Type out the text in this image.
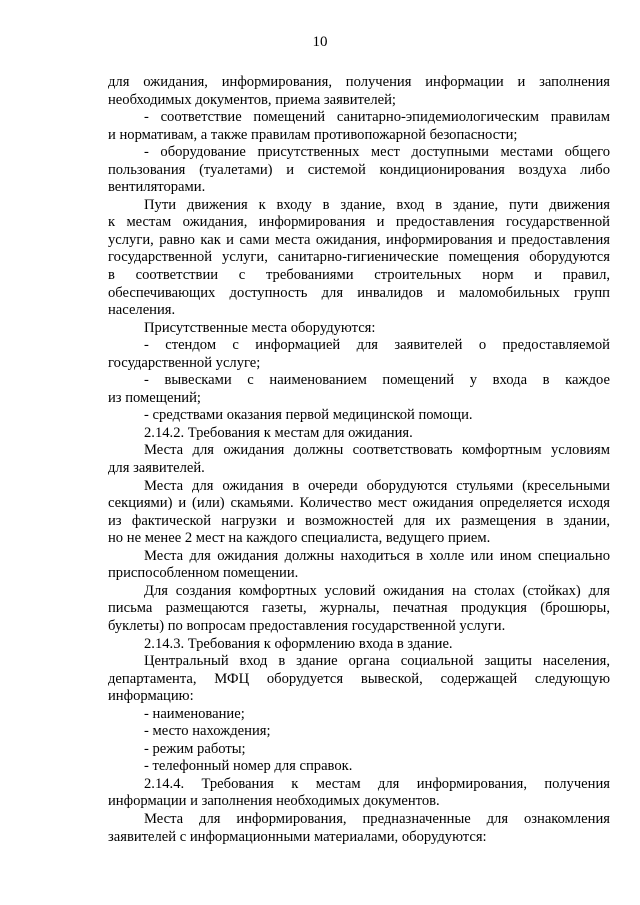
10
для ожидания, информирования, получения информации и заполнения
необходимых документов, приема заявителей;
- соответствие помещений санитарно-эпидемиологическим правилам
и нормативам, а также правилам противопожарной безопасности;
- оборудование присутственных мест доступными местами общего
пользования (туалетами) и системой кондиционирования воздуха либо
вентиляторами.
Пути движения к входу в здание, вход в здание, пути движения
к местам ожидания, информирования и предоставления государственной
услуги, равно как и сами места ожидания, информирования и предоставления
государственной услуги, санитарно-гигиенические помещения оборудуются
в соответствии с требованиями строительных норм и правил,
обеспечивающих доступность для инвалидов и маломобильных групп
населения.
Присутственные места оборудуются:
- стендом с информацией для заявителей о предоставляемой
государственной услуге;
- вывесками с наименованием помещений у входа в каждое
из помещений;
- средствами оказания первой медицинской помощи.
2.14.2. Требования к местам для ожидания.
Места для ожидания должны соответствовать комфортным условиям
для заявителей.
Места для ожидания в очереди оборудуются стульями (кресельными
секциями) и (или) скамьями. Количество мест ожидания определяется исходя
из фактической нагрузки и возможностей для их размещения в здании,
но не менее 2 мест на каждого специалиста, ведущего прием.
Места для ожидания должны находиться в холле или ином специально
приспособленном помещении.
Для создания комфортных условий ожидания на столах (стойках) для
письма размещаются газеты, журналы, печатная продукция (брошюры,
буклеты) по вопросам предоставления государственной услуги.
2.14.3. Требования к оформлению входа в здание.
Центральный вход в здание органа социальной защиты населения,
департамента, МФЦ оборудуется вывеской, содержащей следующую
информацию:
- наименование;
- место нахождения;
- режим работы;
- телефонный номер для справок.
2.14.4. Требования к местам для информирования, получения
информации и заполнения необходимых документов.
Места для информирования, предназначенные для ознакомления
заявителей с информационными материалами, оборудуются:
